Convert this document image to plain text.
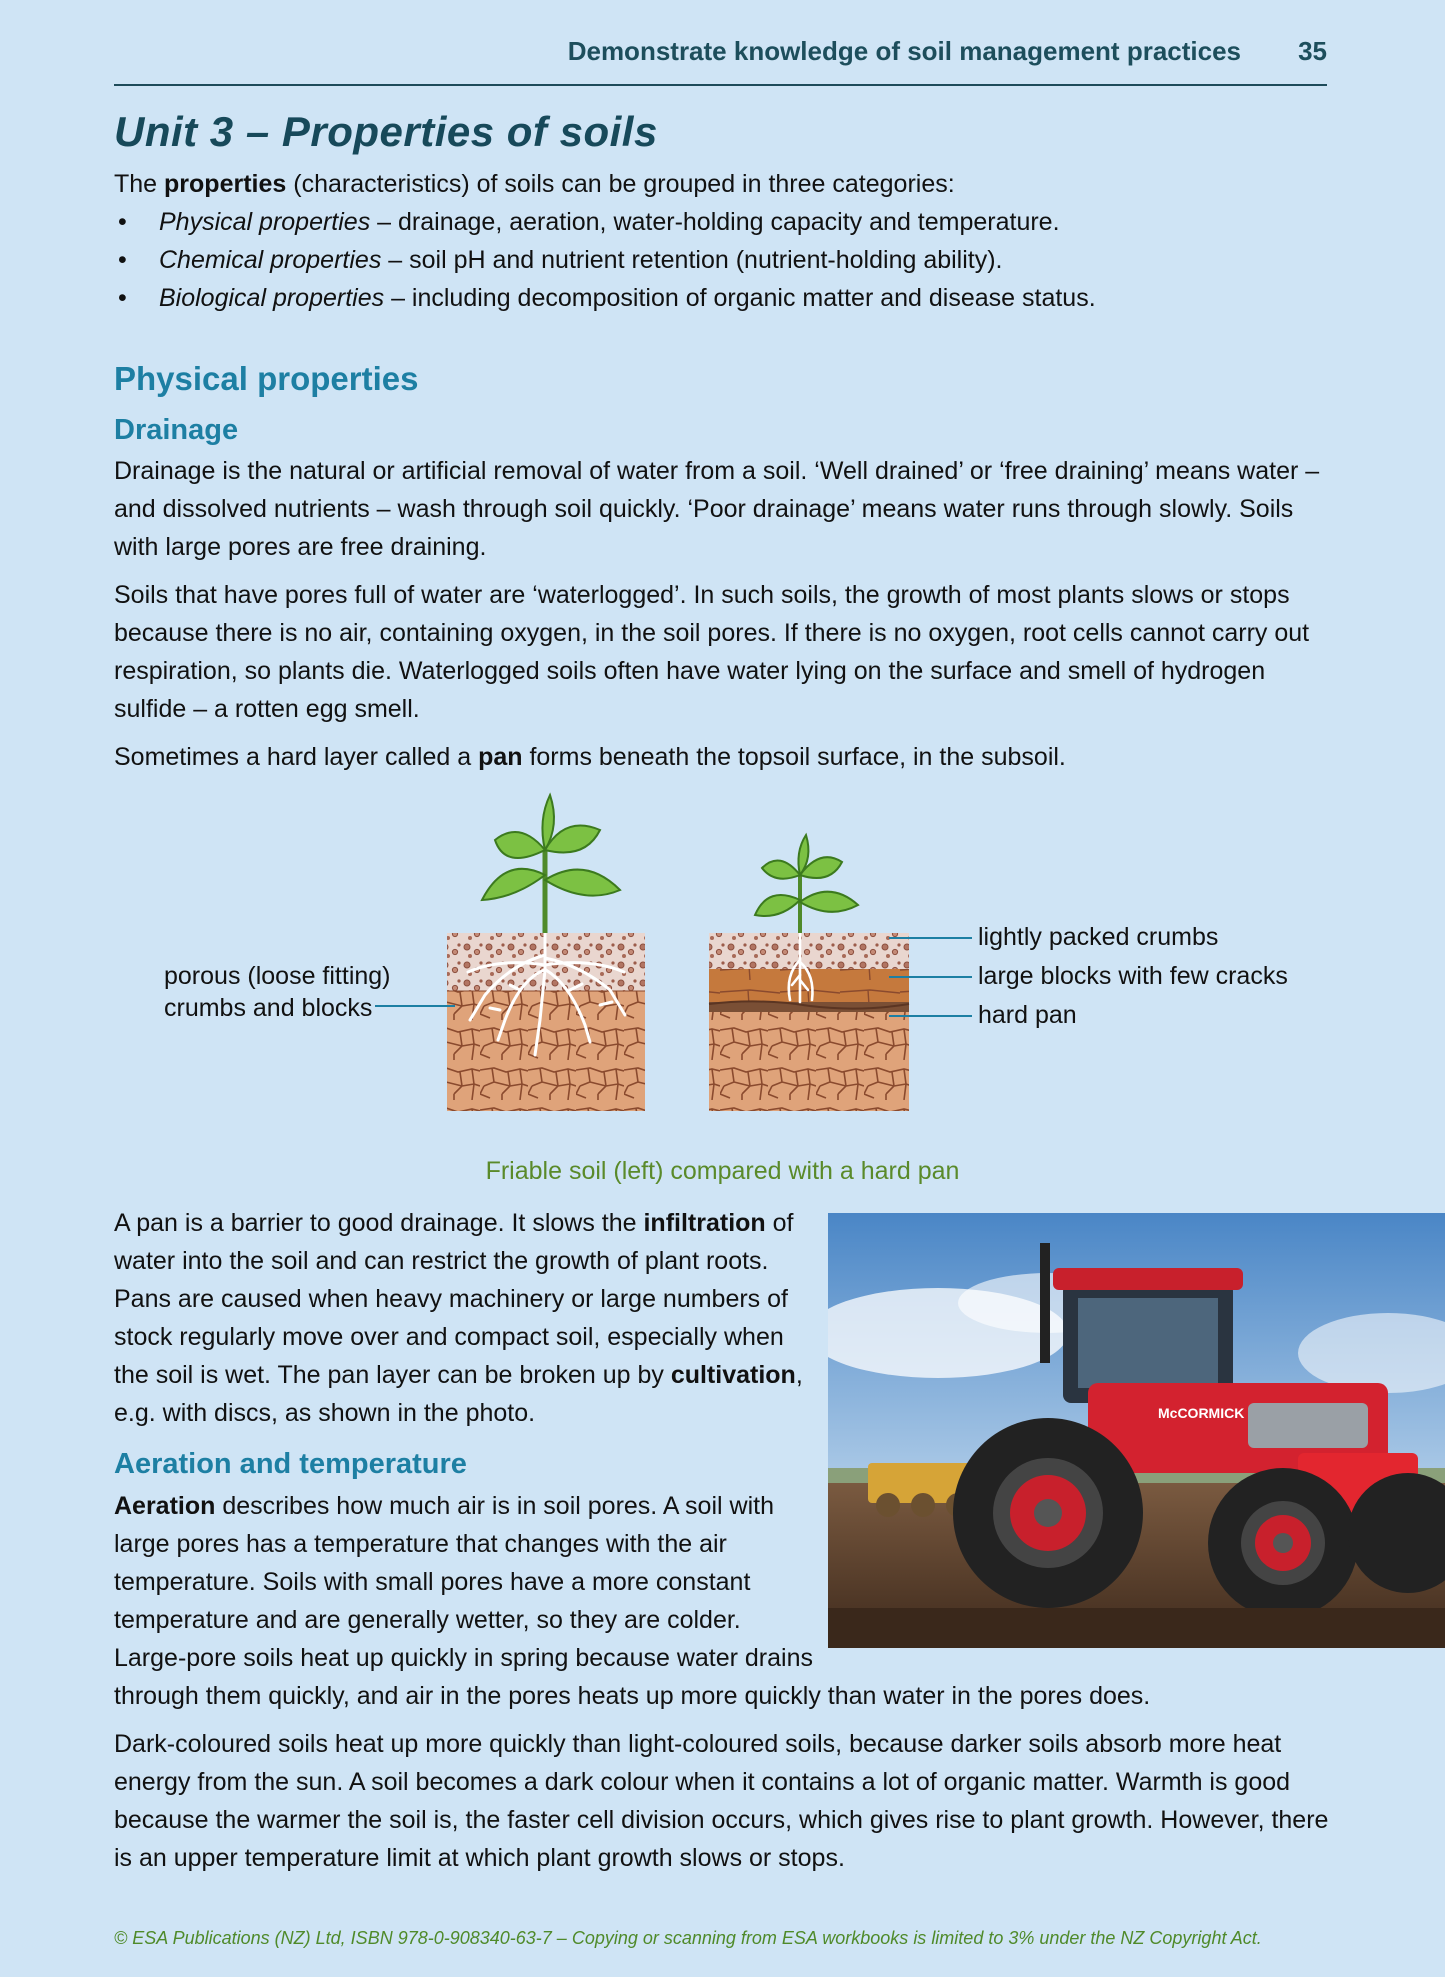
Demonstrate knowledge of soil management practices 35
Unit 3 – Properties of soils

The properties (characteristics) of soils can be grouped in three categories:

• Physical properties – drainage, aeration, water-holding capacity and temperature.
• Chemical properties – soil pH and nutrient retention (nutrient-holding ability).
• Biological properties – including decomposition of organic matter and disease status.
Physical properties
Drainage

Drainage is the natural or artificial removal of water from a soil. ‘Well drained’ or ‘free draining’ means water – and dissolved nutrients – wash through soil quickly. ‘Poor drainage’ means water runs through slowly. Soils with large pores are free draining.

Soils that have pores full of water are ‘waterlogged’. In such soils, the growth of most plants slows or stops because there is no air, containing oxygen, in the soil pores. If there is no oxygen, root cells cannot carry out respiration, so plants die. Waterlogged soils often have water lying on the surface and smell of hydrogen sulfide – a rotten egg smell.

Sometimes a hard layer called a pan forms beneath the topsoil surface, in the subsoil.

porous (loose fitting)
crumbs and blocks
lightly packed crumbs
large blocks with few cracks
hard pan
Friable soil (left) compared with a hard pan

A pan is a barrier to good drainage. It slows the infiltration of water into the soil and can restrict the growth of plant roots. Pans are caused when heavy machinery or large numbers of stock regularly move over and compact soil, especially when the soil is wet. The pan layer can be broken up by cultivation, e.g. with discs, as shown in the photo.	McCORMICK
Aeration and temperature

Aeration describes how much air is in soil pores. A soil with large pores has a temperature that changes with the air temperature. Soils with small pores have a more constant temperature and are generally wetter, so they are colder. Large-pore soils heat up quickly in spring because water drains
through them quickly, and air in the pores heats up more quickly than water in the pores does.

Dark-coloured soils heat up more quickly than light-coloured soils, because darker soils absorb more heat energy from the sun. A soil becomes a dark colour when it contains a lot of organic matter. Warmth is good because the warmer the soil is, the faster cell division occurs, which gives rise to plant growth. However, there is an upper temperature limit at which plant growth slows or stops.

© ESA Publications (NZ) Ltd, ISBN 978-0-908340-63-7 – Copying or scanning from ESA workbooks is limited to 3% under the NZ Copyright Act.
